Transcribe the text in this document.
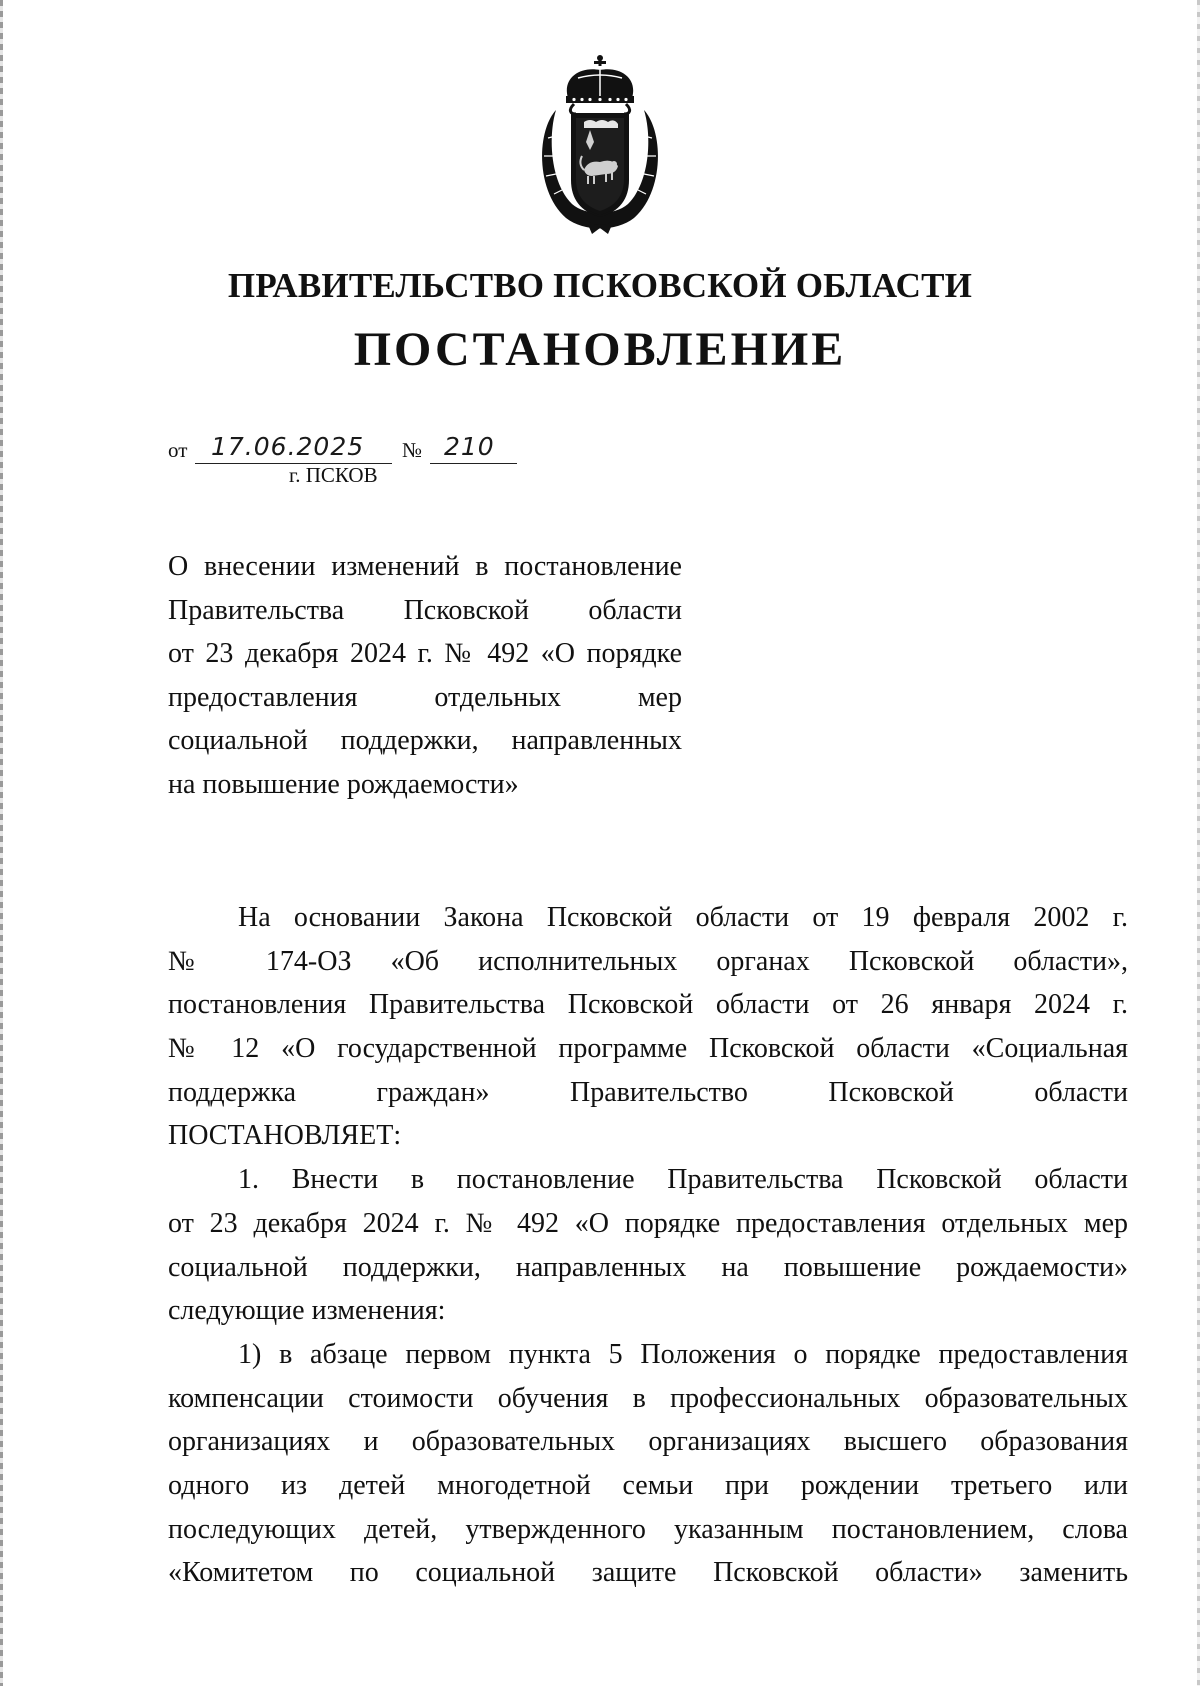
ПРАВИТЕЛЬСТВО ПСКОВСКОЙ ОБЛАСТИ
ПОСТАНОВЛЕНИЕ
от 17.06.2025 № 210
г. ПСКОВ
О внесении изменений в постановление
Правительства Псковской области
от 23 декабря 2024 г. № 492 «О порядке
предоставления отдельных мер
социальной поддержки, направленных
на повышение рождаемости»
На основании Закона Псковской области от 19 февраля 2002 г.
№ 174-ОЗ «Об исполнительных органах Псковской области»,
постановления Правительства Псковской области от 26 января 2024 г.
№ 12 «О государственной программе Псковской области «Социальная
поддержка граждан» Правительство Псковской области
ПОСТАНОВЛЯЕТ:
1. Внести в постановление Правительства Псковской области
от 23 декабря 2024 г. № 492 «О порядке предоставления отдельных мер
социальной поддержки, направленных на повышение рождаемости»
следующие изменения:
1) в абзаце первом пункта 5 Положения о порядке предоставления
компенсации стоимости обучения в профессиональных образовательных
организациях и образовательных организациях высшего образования
одного из детей многодетной семьи при рождении третьего или
последующих детей, утвержденного указанным постановлением, слова
«Комитетом по социальной защите Псковской области» заменить
